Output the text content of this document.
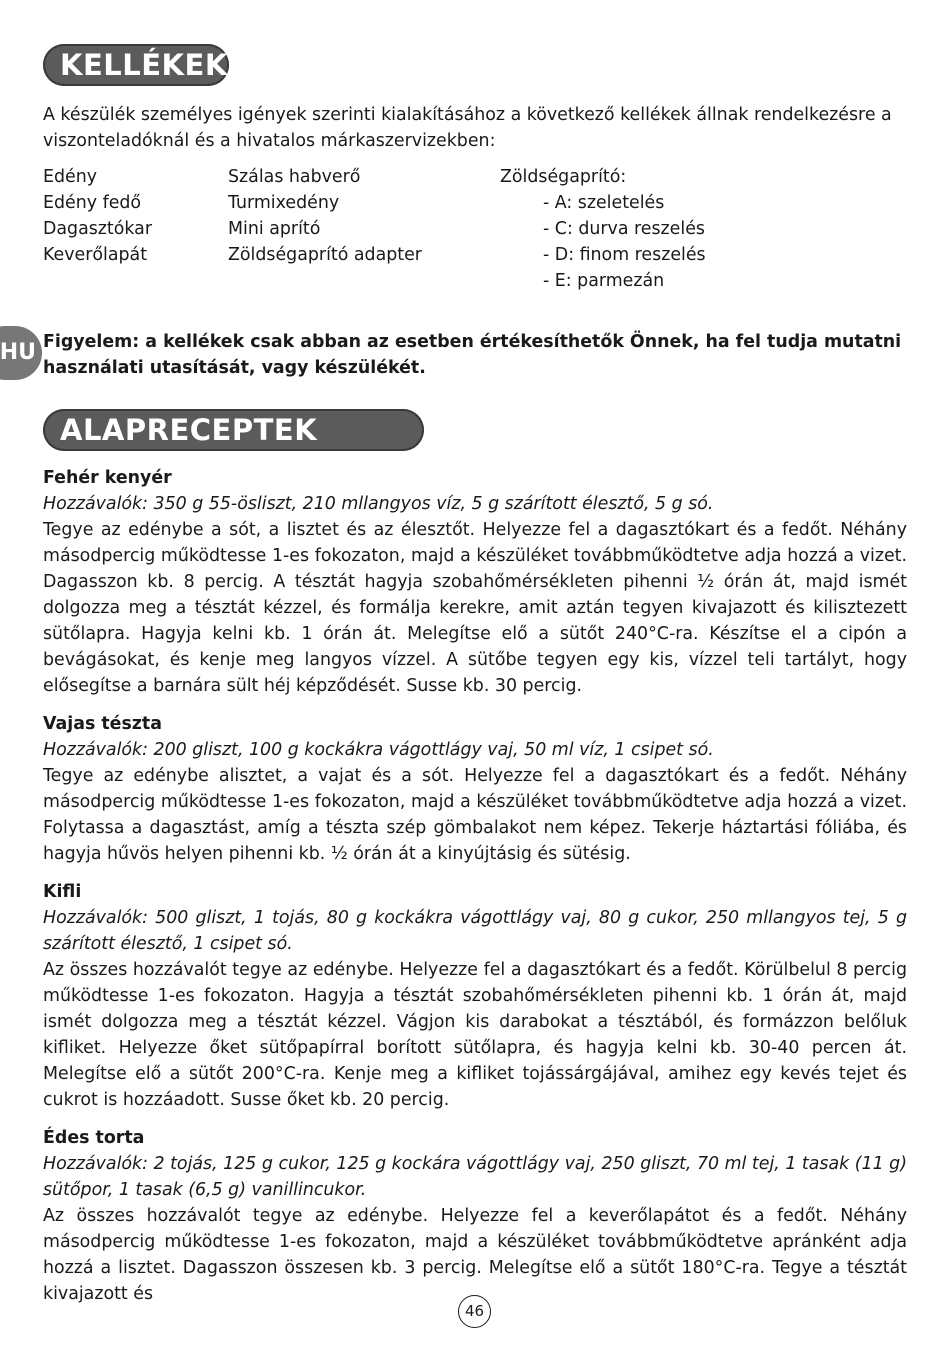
KELLÉKEK
A készülék személyes igények szerinti kialakításához a következő kellékek állnak rendelkezésre a viszonteladóknál és a hivatalos márkaszervizekben:
Edény
Edény fedő
Dagasztókar
Keverőlapát
Szálas habverő
Turmixedény
Mini aprító
Zöldségaprító adapter
Zöldségaprító:
- A: szeletelés
- C: durva reszelés
- D: finom reszelés
- E: parmezán
HU Figyelem: a kellékek csak abban az esetben értékesíthetők Önnek, ha fel tudja mutatni használati utasítását, vagy készülékét.
ALAPRECEPTEK
Fehér kenyér
Hozzávalók: 350 g 55-ösliszt, 210 mllangyos víz, 5 g szárított élesztő, 5 g só.
Tegye az edénybe a sót, a lisztet és az élesztőt. Helyezze fel a dagasztókart és a fedőt. Néhány másodpercig működtesse 1-es fokozaton, majd a készüléket továbbműködtetve adja hozzá a vizet. Dagasszon kb. 8 percig. A tésztát hagyja szobahőmérsékleten pihenni ½ órán át, majd ismét dolgozza meg a tésztát kézzel, és formálja kerekre, amit aztán tegyen kivajazott és kilisztezett sütőlapra. Hagyja kelni kb. 1 órán át. Melegítse elő a sütőt 240°C-ra. Készítse el a cipón a bevágásokat, és kenje meg langyos vízzel. A sütőbe tegyen egy kis, vízzel teli tartályt, hogy elősegítse a barnára sült héj képződését. Susse kb. 30 percig.
Vajas tészta
Hozzávalók: 200 gliszt, 100 g kockákra vágottlágy vaj, 50 ml víz, 1 csipet só.
Tegye az edénybe alisztet, a vajat és a sót. Helyezze fel a dagasztókart és a fedőt. Néhány másodpercig működtesse 1-es fokozaton, majd a készüléket továbbműködtetve adja hozzá a vizet. Folytassa a dagasztást, amíg a tészta szép gömbalakot nem képez. Tekerje háztartási fóliába, és hagyja hűvös helyen pihenni kb. ½ órán át a kinyújtásig és sütésig.
Kifli
Hozzávalók: 500 gliszt, 1 tojás, 80 g kockákra vágottlágy vaj, 80 g cukor, 250 mllangyos tej, 5 g szárított élesztő, 1 csipet só.
Az összes hozzávalót tegye az edénybe. Helyezze fel a dagasztókart és a fedőt. Körülbelul 8 percig működtesse 1-es fokozaton. Hagyja a tésztát szobahőmérsékleten pihenni kb. 1 órán át, majd ismét dolgozza meg a tésztát kézzel. Vágjon kis darabokat a tésztából, és formázzon belőluk kifliket. Helyezze őket sütőpapírral borított sütőlapra, és hagyja kelni kb. 30-40 percen át. Melegítse elő a sütőt 200°C-ra. Kenje meg a kifliket tojássárgájával, amihez egy kevés tejet és cukrot is hozzáadott. Susse őket kb. 20 percig.
Édes torta
Hozzávalók: 2 tojás, 125 g cukor, 125 g kockára vágottlágy vaj, 250 gliszt, 70 ml tej, 1 tasak (11 g) sütőpor, 1 tasak (6,5 g) vanillincukor.
Az összes hozzávalót tegye az edénybe. Helyezze fel a keverőlapátot és a fedőt. Néhány másodpercig működtesse 1-es fokozaton, majd a készüléket továbbműködtetve apránként adja hozzá a lisztet. Dagasszon összesen kb. 3 percig. Melegítse elő a sütőt 180°C-ra. Tegye a tésztát kivajazott és
46
